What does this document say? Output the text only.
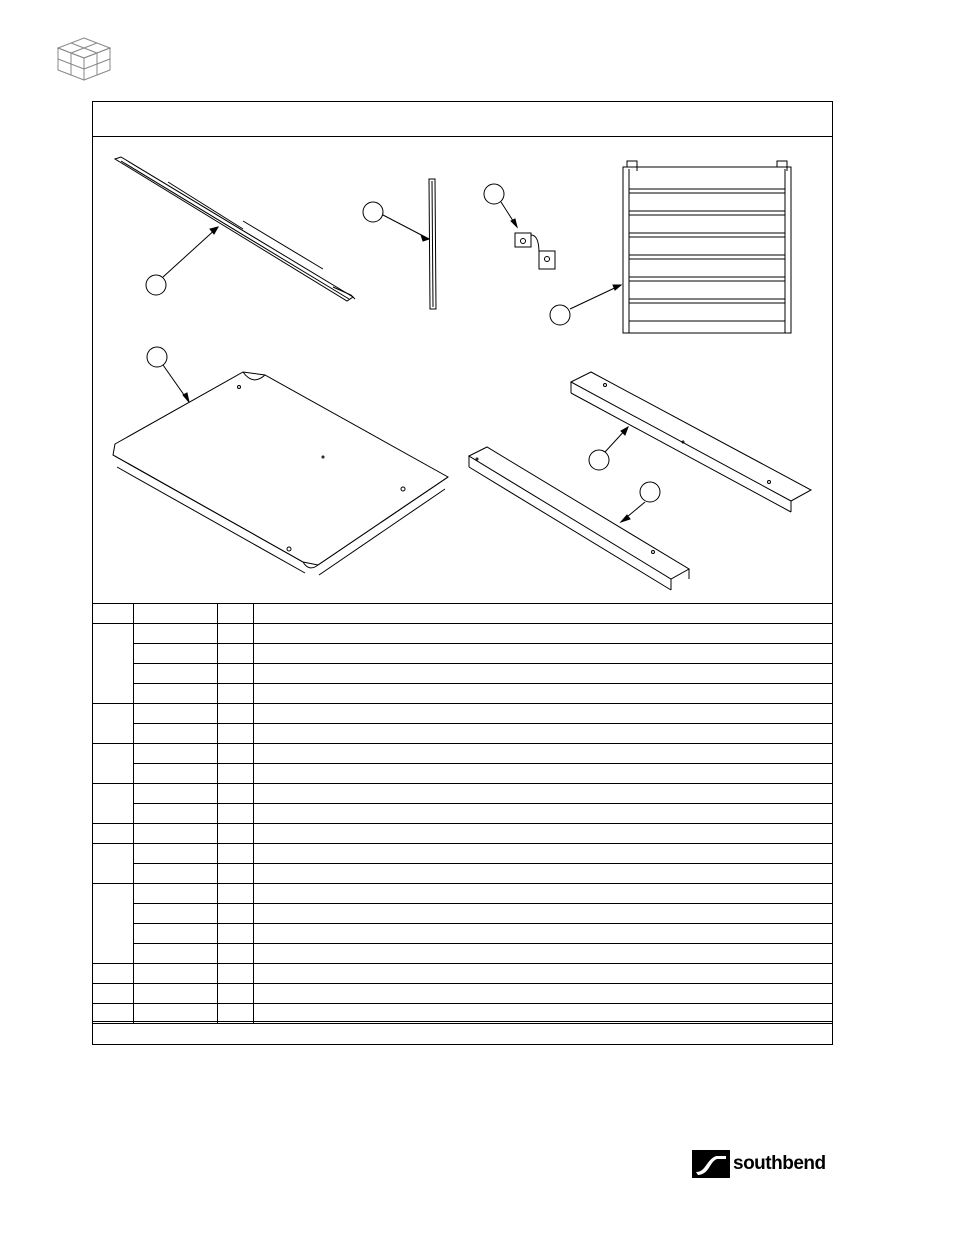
southbend
